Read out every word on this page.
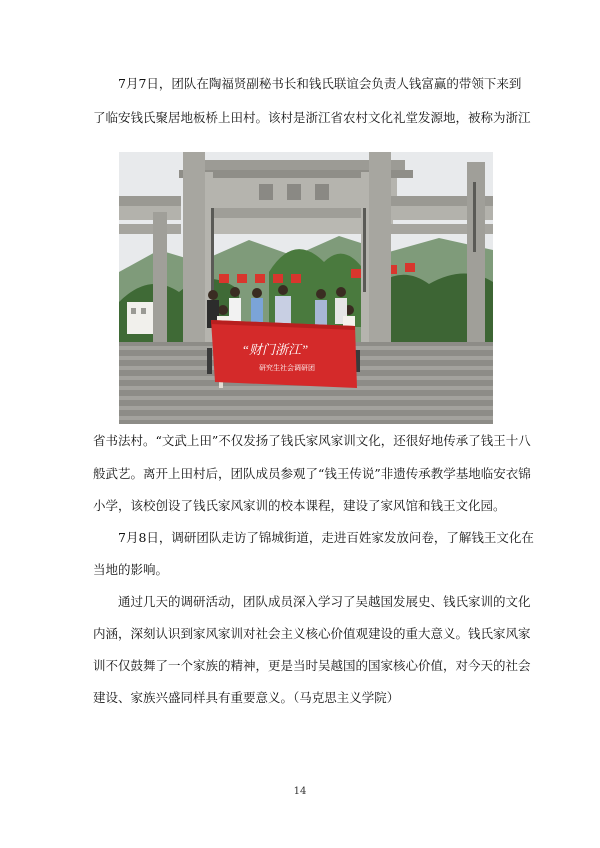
7月7日，团队在陶福贤副秘书长和钱氏联谊会负责人钱富赢的带领下来到
了临安钱氏聚居地板桥上田村。该村是浙江省农村文化礼堂发源地，被称为浙江
“财门浙江”
研究生社会调研团
省书法村。“文武上田”不仅发扬了钱氏家风家训文化，还很好地传承了钱王十八
般武艺。离开上田村后，团队成员参观了“钱王传说”非遗传承教学基地临安衣锦
小学，该校创设了钱氏家风家训的校本课程，建设了家风馆和钱王文化园。
7月8日，调研团队走访了锦城街道，走进百姓家发放问卷，了解钱王文化在
当地的影响。
通过几天的调研活动，团队成员深入学习了吴越国发展史、钱氏家训的文化
内涵，深刻认识到家风家训对社会主义核心价值观建设的重大意义。钱氏家风家
训不仅鼓舞了一个家族的精神，更是当时吴越国的国家核心价值，对今天的社会
建设、家族兴盛同样具有重要意义。（马克思主义学院）
14
